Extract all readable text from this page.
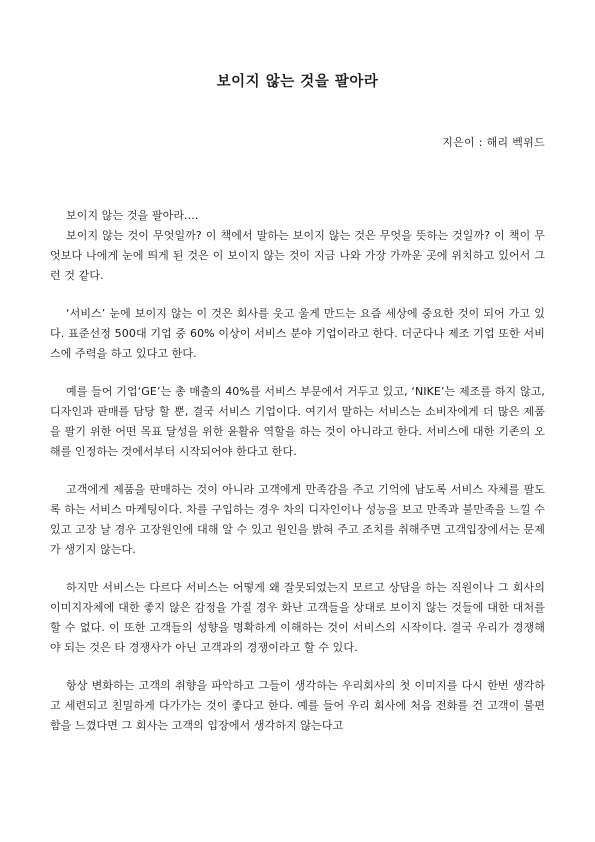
보이지 않는 것을 팔아라
지은이 : 해리 벡위드

보이지 않는 것을 팔아라....

보이지 않는 것이 무엇일까? 이 책에서 말하는 보이지 않는 것은 무엇을 뜻하는 것일까? 이 책이 무엇보다 나에게 눈에 띄게 된 것은 이 보이지 않는 것이 지금 나와 가장 가까운 곳에 위치하고 있어서 그런 것 같다.

‘서비스’ 눈에 보이지 않는 이 것은 회사를 웃고 울게 만드는 요즘 세상에 중요한 것이 되어 가고 있다. 표준선정 500대 기업 중 60% 이상이 서비스 분야 기업이라고 한다. 더군다나 제조 기업 또한 서비스에 주력을 하고 있다고 한다.

예를 들어 기업‘GE’는 총 매출의 40%를 서비스 부문에서 거두고 있고, ‘NIKE’는 제조를 하지 않고, 디자인과 판매를 담당 할 뿐, 결국 서비스 기업이다. 여기서 말하는 서비스는 소비자에게 더 많은 제품을 팔기 위한 어떤 목표 달성을 위한 윤활유 역할을 하는 것이 아니라고 한다. 서비스에 대한 기존의 오해를 인정하는 것에서부터 시작되어야 한다고 한다.

고객에게 제품을 판매하는 것이 아니라 고객에게 만족감을 주고 기억에 남도록 서비스 자체를 팔도록 하는 서비스 마케팅이다. 차를 구입하는 경우 차의 디자인이나 성능을 보고 만족과 불만족을 느낄 수 있고 고장 날 경우 고장원인에 대해 알 수 있고 원인을 밝혀 주고 조치를 취해주면 고객입장에서는 문제가 생기지 않는다.

하지만 서비스는 다르다 서비스는 어떻게 왜 잘못되었는지 모르고 상담을 하는 직원이나 그 회사의 이미지자체에 대한 좋지 않은 감정을 가질 경우 화난 고객들을 상대로 보이지 않는 것들에 대한 대처를 할 수 없다. 이 또한 고객들의 성향을 명확하게 이해하는 것이 서비스의 시작이다. 결국 우리가 경쟁해야 되는 것은 타 경쟁사가 아닌 고객과의 경쟁이라고 할 수 있다.

항상 변화하는 고객의 취향을 파악하고 그들이 생각하는 우리회사의 첫 이미지를 다시 한번 생각하고 세련되고 친밀하게 다가가는 것이 좋다고 한다. 예를 들어 우리 회사에 처음 전화를 건 고객이 불편함을 느꼈다면 그 회사는 고객의 입장에서 생각하지 않는다고
